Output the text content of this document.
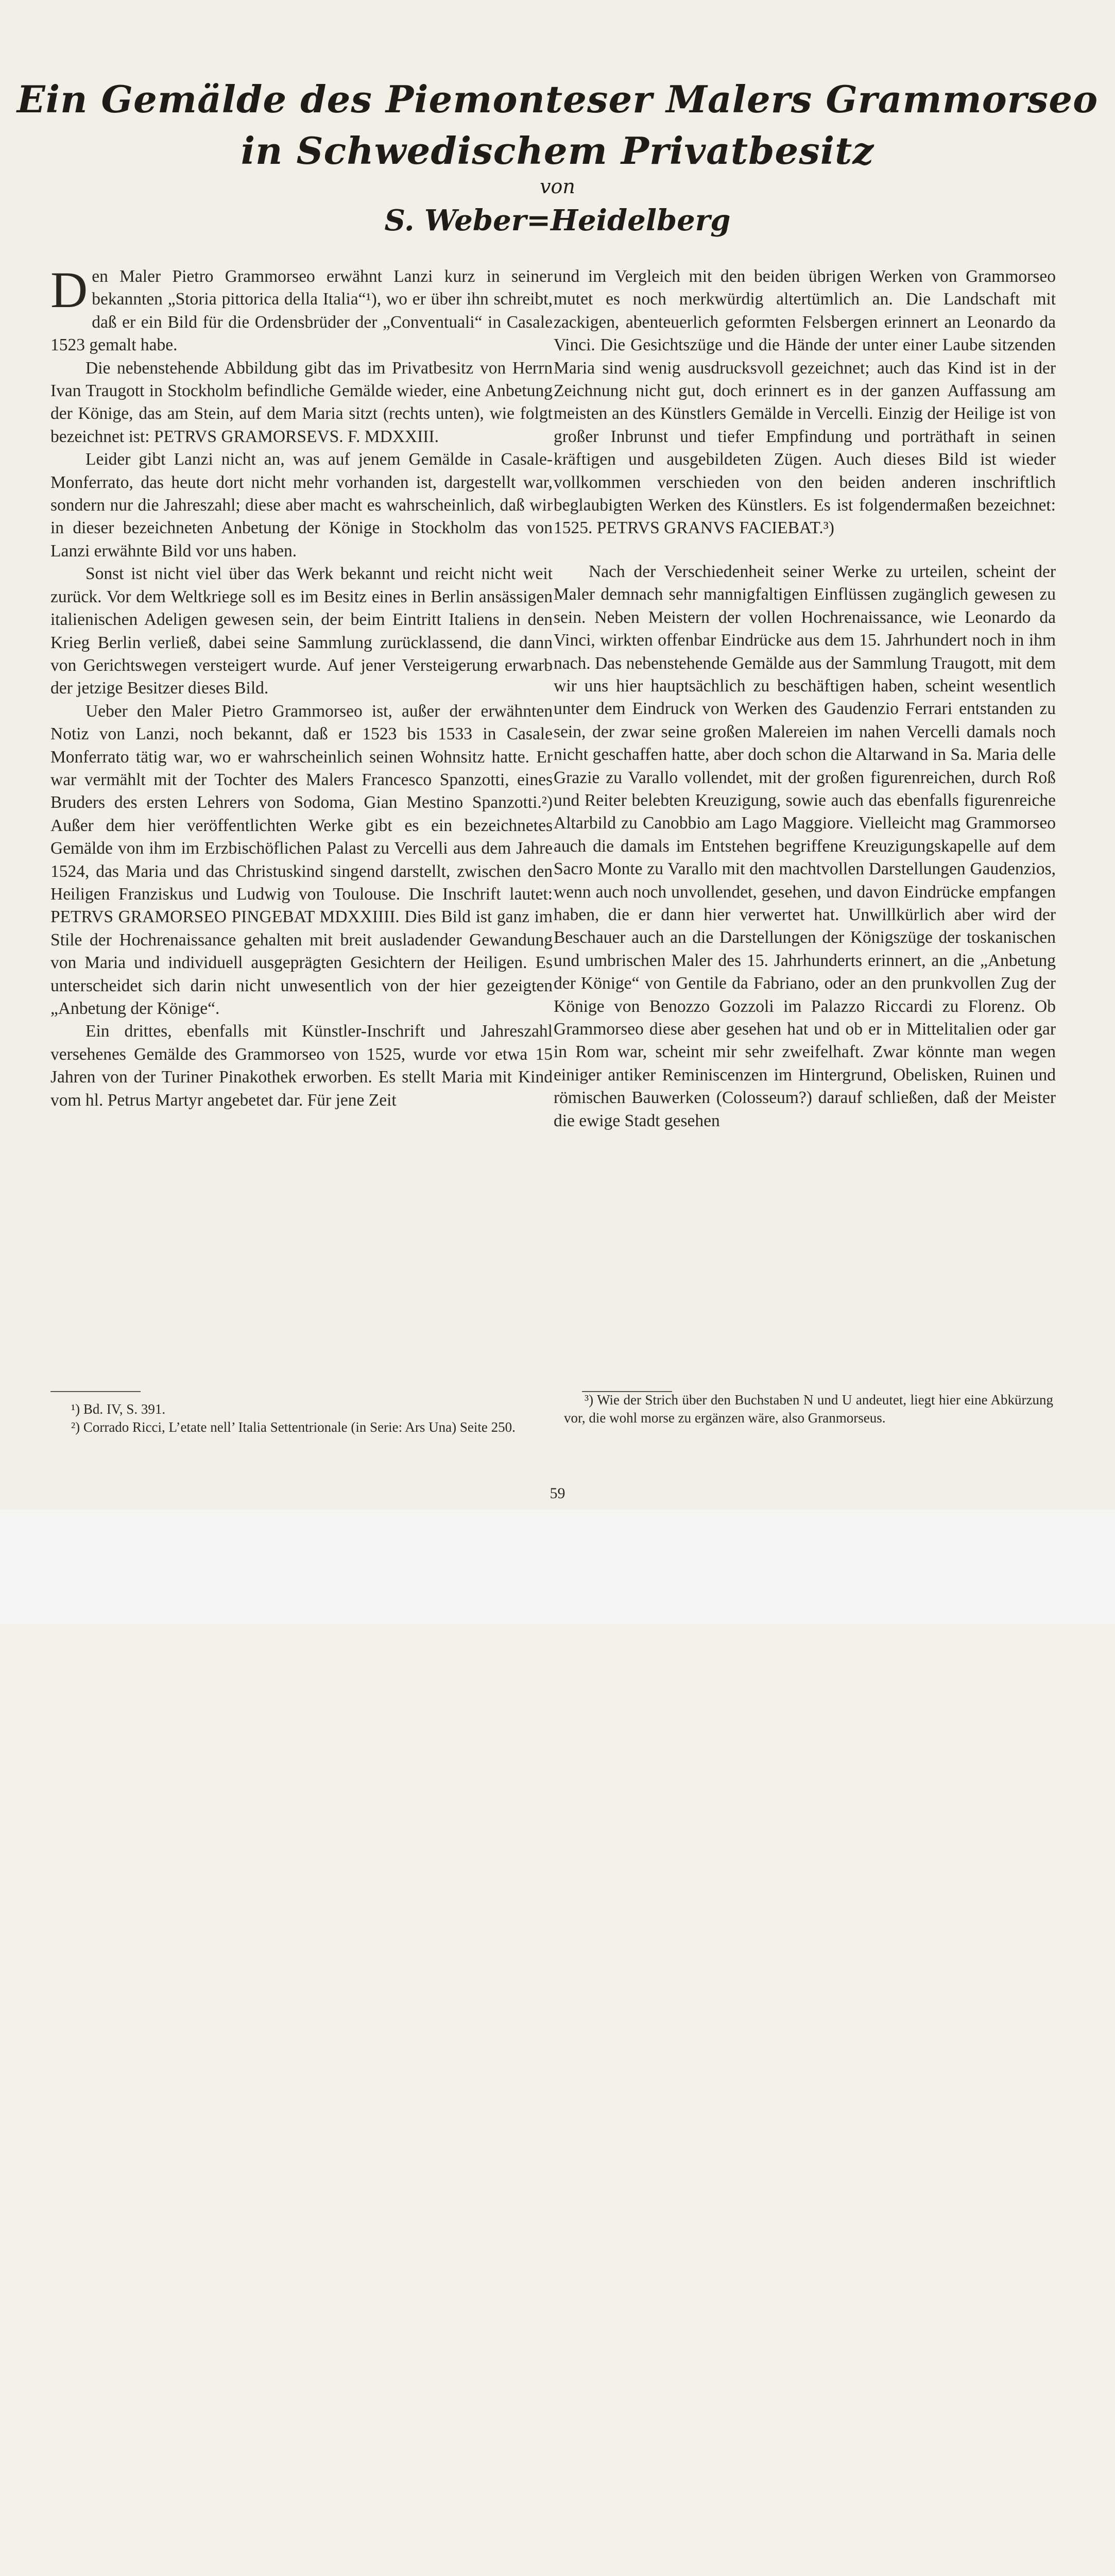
Ein Gemälde des Piemonteser Malers Grammorseo
in Schwedischem Privatbesitz
von
S. Weber=Heidelberg

Den Maler Pietro Grammorseo erwähnt Lanzi kurz in seiner bekannten „Storia pittorica della Italia“¹), wo er über ihn schreibt, daß er ein Bild für die Ordensbrüder der „Conventuali“ in Casale 1523 gemalt habe.

Die nebenstehende Abbildung gibt das im Privatbesitz von Herrn Ivan Traugott in Stockholm befindliche Gemälde wieder, eine Anbetung der Könige, das am Stein, auf dem Maria sitzt (rechts unten), wie folgt bezeichnet ist: PETRVS GRAMORSEVS. F. MDXXIII.

Leider gibt Lanzi nicht an, was auf jenem Gemälde in Casale-Monferrato, das heute dort nicht mehr vorhanden ist, dargestellt war, sondern nur die Jahreszahl; diese aber macht es wahrscheinlich, daß wir in dieser bezeichneten Anbetung der Könige in Stockholm das von Lanzi erwähnte Bild vor uns haben.

Sonst ist nicht viel über das Werk bekannt und reicht nicht weit zurück. Vor dem Weltkriege soll es im Besitz eines in Berlin ansässigen italienischen Adeligen gewesen sein, der beim Eintritt Italiens in den Krieg Berlin verließ, dabei seine Sammlung zurücklassend, die dann von Gerichtswegen versteigert wurde. Auf jener Versteigerung erwarb der jetzige Besitzer dieses Bild.

Ueber den Maler Pietro Grammorseo ist, außer der erwähnten Notiz von Lanzi, noch bekannt, daß er 1523 bis 1533 in Casale Monferrato tätig war, wo er wahrscheinlich seinen Wohnsitz hatte. Er war vermählt mit der Tochter des Malers Francesco Spanzotti, eines Bruders des ersten Lehrers von Sodoma, Gian Mestino Spanzotti.²) Außer dem hier veröffentlichten Werke gibt es ein bezeichnetes Gemälde von ihm im Erzbischöflichen Palast zu Vercelli aus dem Jahre 1524, das Maria und das Christuskind singend darstellt, zwischen den Heiligen Franziskus und Ludwig von Toulouse. Die Inschrift lautet: PETRVS GRAMORSEO PINGEBAT MDXXIIII. Dies Bild ist ganz im Stile der Hochrenaissance gehalten mit breit ausladender Gewandung von Maria und individuell ausgeprägten Gesichtern der Heiligen. Es unterscheidet sich darin nicht unwesentlich von der hier gezeigten „Anbetung der Könige“.

Ein drittes, ebenfalls mit Künstler-Inschrift und Jahreszahl versehenes Gemälde des Grammorseo von 1525, wurde vor etwa 15 Jahren von der Turiner Pinakothek erworben. Es stellt Maria mit Kind vom hl. Petrus Martyr angebetet dar. Für jene Zeit

und im Vergleich mit den beiden übrigen Werken von Grammorseo mutet es noch merkwürdig altertümlich an. Die Landschaft mit zackigen, abenteuerlich geformten Felsbergen erinnert an Leonardo da Vinci. Die Gesichtszüge und die Hände der unter einer Laube sitzenden Maria sind wenig ausdrucksvoll gezeichnet; auch das Kind ist in der Zeichnung nicht gut, doch erinnert es in der ganzen Auffassung am meisten an des Künstlers Gemälde in Vercelli. Einzig der Heilige ist von großer Inbrunst und tiefer Empfindung und porträthaft in seinen kräftigen und ausgebildeten Zügen. Auch dieses Bild ist wieder vollkommen verschieden von den beiden anderen inschriftlich beglaubigten Werken des Künstlers. Es ist folgendermaßen bezeichnet: 1525. PETRVS GRANVS FACIEBAT.³)

Nach der Verschiedenheit seiner Werke zu urteilen, scheint der Maler demnach sehr mannigfaltigen Einflüssen zugänglich gewesen zu sein. Neben Meistern der vollen Hochrenaissance, wie Leonardo da Vinci, wirkten offenbar Eindrücke aus dem 15. Jahrhundert noch in ihm nach. Das nebenstehende Gemälde aus der Sammlung Traugott, mit dem wir uns hier hauptsächlich zu beschäftigen haben, scheint wesentlich unter dem Eindruck von Werken des Gaudenzio Ferrari entstanden zu sein, der zwar seine großen Malereien im nahen Vercelli damals noch nicht geschaffen hatte, aber doch schon die Altarwand in Sa. Maria delle Grazie zu Varallo vollendet, mit der großen figurenreichen, durch Roß und Reiter belebten Kreuzigung, sowie auch das ebenfalls figurenreiche Altarbild zu Canobbio am Lago Maggiore. Vielleicht mag Grammorseo auch die damals im Entstehen begriffene Kreuzigungskapelle auf dem Sacro Monte zu Varallo mit den machtvollen Darstellungen Gaudenzios, wenn auch noch unvollendet, gesehen, und davon Eindrücke empfangen haben, die er dann hier verwertet hat. Unwillkürlich aber wird der Beschauer auch an die Darstellungen der Königszüge der toskanischen und umbrischen Maler des 15. Jahrhunderts erinnert, an die „Anbetung der Könige“ von Gentile da Fabriano, oder an den prunkvollen Zug der Könige von Benozzo Gozzoli im Palazzo Riccardi zu Florenz. Ob Grammorseo diese aber gesehen hat und ob er in Mittelitalien oder gar in Rom war, scheint mir sehr zweifelhaft. Zwar könnte man wegen einiger antiker Reminiscenzen im Hintergrund, Obelisken, Ruinen und römischen Bauwerken (Colosseum?) darauf schließen, daß der Meister die ewige Stadt gesehen

¹) Bd. IV, S. 391.

²) Corrado Ricci, L’etate nell’ Italia Settentrionale (in Serie: Ars Una) Seite 250.

³) Wie der Strich über den Buchstaben N und U andeutet, liegt hier eine Abkürzung vor, die wohl morse zu ergänzen wäre, also Granmorseus.

59
